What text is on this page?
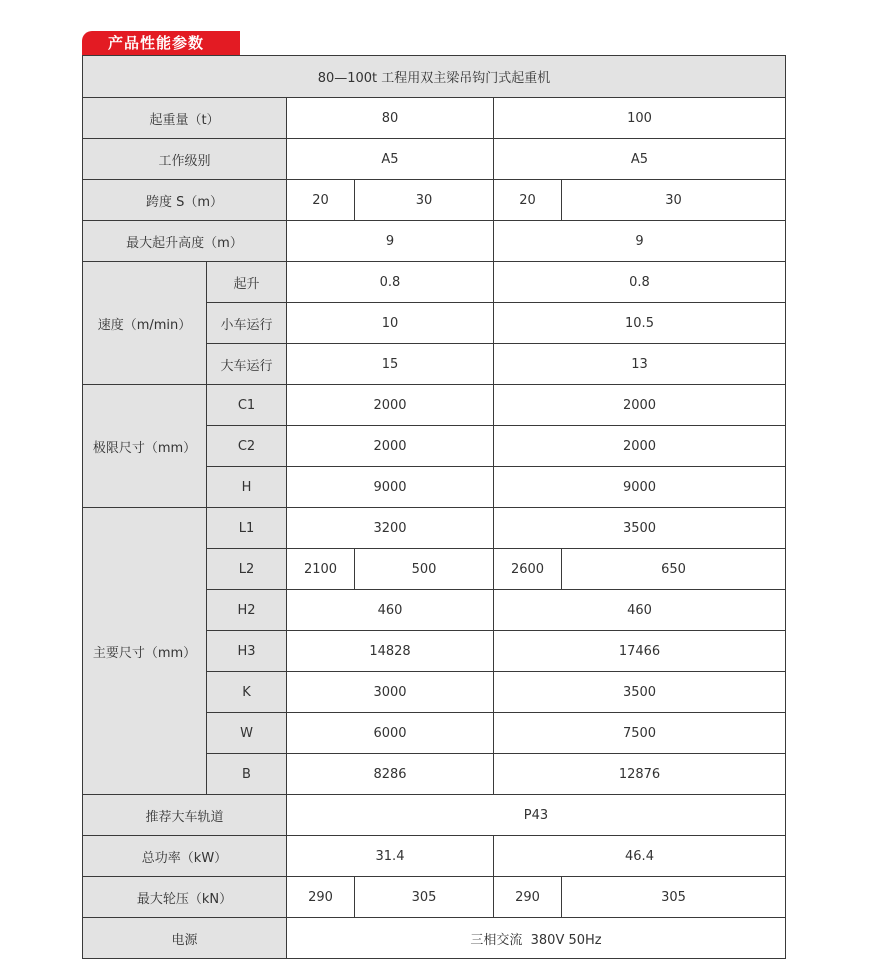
产品性能参数
80—100t 工程用双主梁吊钩门式起重机					
起重量（t）		80		100	
工作级别		A5		A5	
跨度 S（m）		20	30	20	30
最大起升高度（m）		9		9	
速度（m/min）	起升	0.8		0.8	
	小车运行	10		10.5	
	大车运行	15		13	
极限尺寸（mm）	C1	2000		2000	
	C2	2000		2000	
	H	9000		9000	
主要尺寸（mm）	L1	3200		3500	
	L2	2100	500	2600	650
	H2	460		460	
	H3	14828		17466	
	K	3000		3500	
	W	6000		7500	
	B	8286		12876	
推荐大车轨道		P43			
总功率（kW）		31.4		46.4	
最大轮压（kN）		290	305	290	305
电源		三相交流  380V 50Hz			
